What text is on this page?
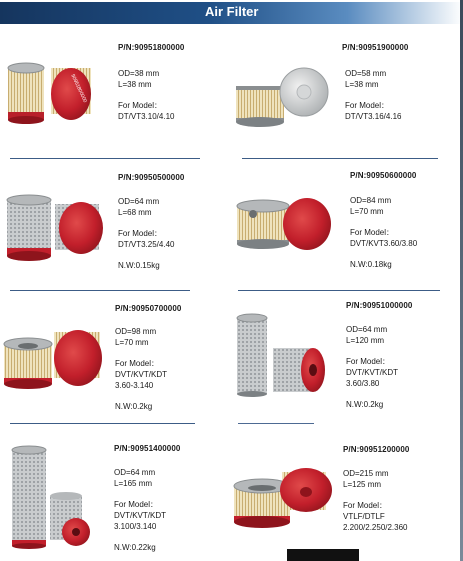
Air Filter
90951800000
P/N:90951800000
OD=38 mm
L=38 mm
For Model：
DT/VT3.10/4.10
P/N:90951900000
OD=58 mm
L=38 mm
For Model：
DT/VT3.16/4.16
P/N:90950500000
OD=64 mm
L=68 mm
For Model：
DT/VT3.25/4.40
N.W:0.15kg
P/N:90950600000
OD=84 mm
L=70 mm
For Model：
DVT/KVT3.60/3.80
N.W:0.18kg
P/N:90950700000
OD=98 mm
L=70 mm
For Model：
DVT/KVT/KDT
3.60-3.140
N.W:0.2kg
P/N:90951000000
OD=64 mm
L=120 mm
For Model：
DVT/KVT/KDT
3.60/3.80
N.W:0.2kg
P/N:90951400000
OD=64 mm
L=165 mm
For Model：
DVT/KVT/KDT
3.100/3.140
N.W:0.22kg
P/N:90951200000
OD=215 mm
L=125 mm
For Model：
VTLF/DTLF
2.200/2.250/2.360
